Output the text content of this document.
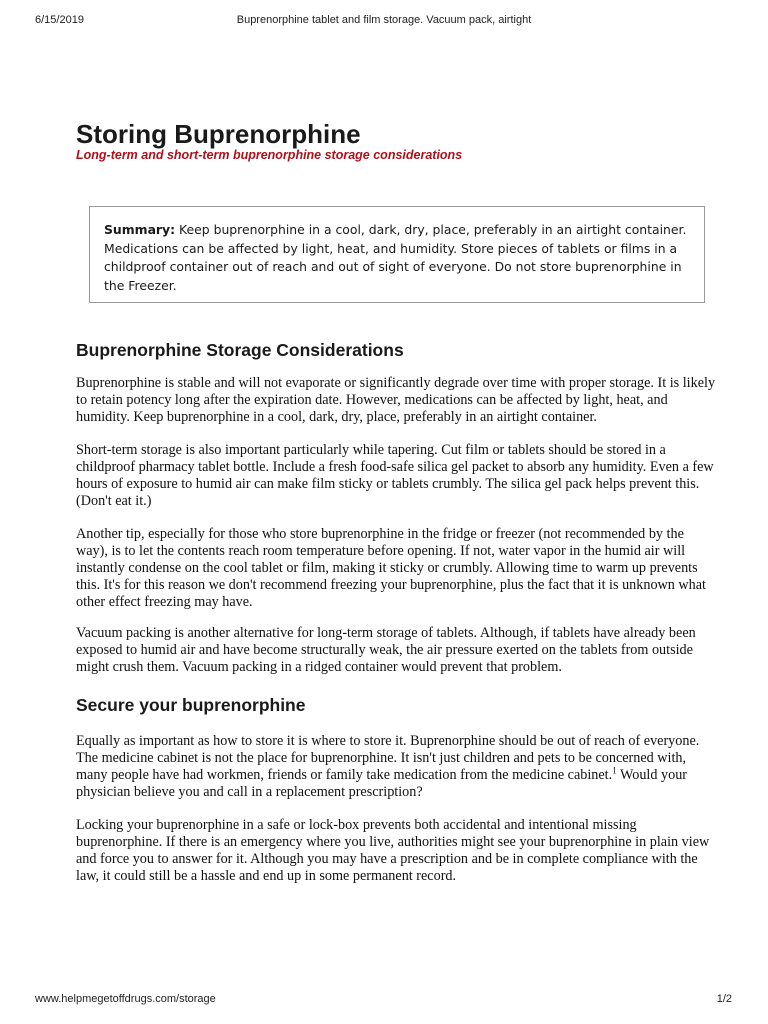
6/15/2019	Buprenorphine tablet and film storage. Vacuum pack, airtight
Storing Buprenorphine

Long-term and short-term buprenorphine storage considerations

Summary: Keep buprenorphine in a cool, dark, dry, place, preferably in an airtight container. Medications can be affected by light, heat, and humidity. Store pieces of tablets or films in a childproof container out of reach and out of sight of everyone. Do not store buprenorphine in the Freezer.
Buprenorphine Storage Considerations

Buprenorphine is stable and will not evaporate or significantly degrade over time with proper storage. It is likely to retain potency long after the expiration date. However, medications can be affected by light, heat, and humidity. Keep buprenorphine in a cool, dark, dry, place, preferably in an airtight container.

Short-term storage is also important particularly while tapering. Cut film or tablets should be stored in a childproof pharmacy tablet bottle. Include a fresh food-safe silica gel packet to absorb any humidity. Even a few hours of exposure to humid air can make film sticky or tablets crumbly. The silica gel pack helps prevent this.(Don't eat it.)

Another tip, especially for those who store buprenorphine in the fridge or freezer (not recommended by the way), is to let the contents reach room temperature before opening. If not, water vapor in the humid air will instantly condense on the cool tablet or film, making it sticky or crumbly. Allowing time to warm up prevents this. It's for this reason we don't recommend freezing your buprenorphine, plus the fact that it is unknown what other effect freezing may have.

Vacuum packing is another alternative for long-term storage of tablets. Although, if tablets have already been exposed to humid air and have become structurally weak, the air pressure exerted on the tablets from outside might crush them. Vacuum packing in a ridged container would prevent that problem.

Secure your buprenorphine

Equally as important as how to store it is where to store it. Buprenorphine should be out of reach of everyone. The medicine cabinet is not the place for buprenorphine. It isn't just children and pets to be concerned with, many people have had workmen, friends or family take medication from the medicine cabinet.$^1$ Would your physician believe you and call in a replacement prescription?

Locking your buprenorphine in a safe or lock-box prevents both accidental and intentional missing buprenorphine. If there is an emergency where you live, authorities might see your buprenorphine in plain view and force you to answer for it. Although you may have a prescription and be in complete compliance with the law, it could still be a hassle and end up in some permanent record.

www.helpmegetoffdrugs.com/storage	1/2
